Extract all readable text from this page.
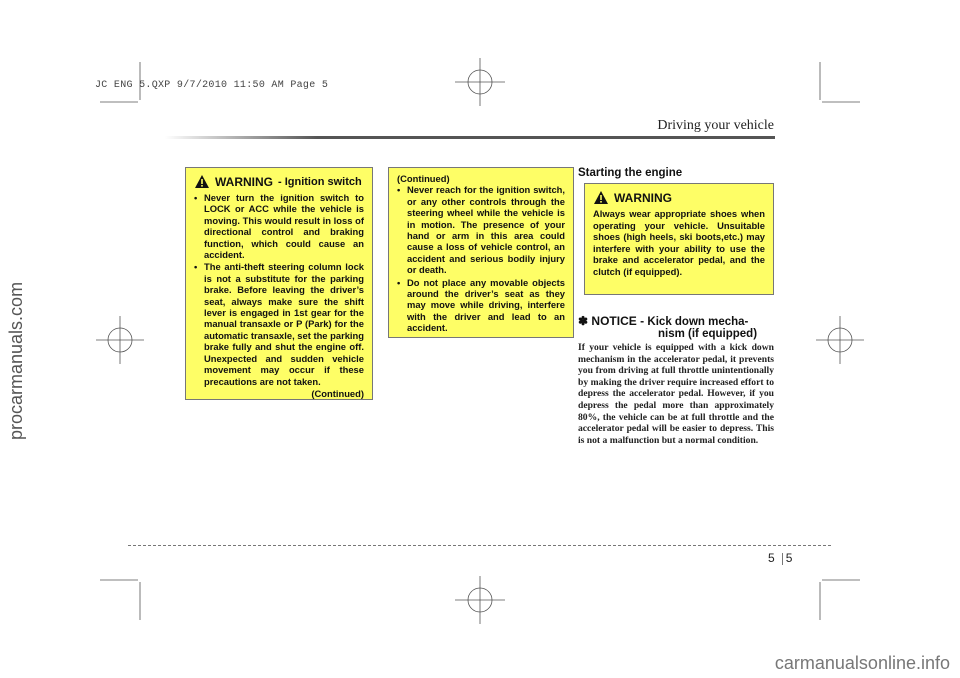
JC ENG 5.QXP 9/7/2010 11:50 AM Page 5
procarmanuals.com
carmanualsonline.info
Driving your vehicle
WARNING - Ignition switch
• Never turn the ignition switch to LOCK or ACC while the vehicle is moving. This would result in loss of directional control and braking function, which could cause an accident.
• The anti-theft steering column lock is not a substitute for the parking brake. Before leaving the driver’s seat, always make sure the shift lever is engaged in 1st gear for the manual transaxle or P (Park) for the automatic transaxle, set the parking brake fully and shut the engine off. Unexpected and sudden vehicle movement may occur if these precautions are not taken.
(Continued)
(Continued)
• Never reach for the ignition switch, or any other controls through the steering wheel while the vehicle is in motion. The presence of your hand or arm in this area could cause a loss of vehicle control, an accident and serious bodily injury or death.
• Do not place any movable objects around the driver’s seat as they may move while driving, interfere with the driver and lead to an accident.
Starting the engine
WARNING

Always wear appropriate shoes when operating your vehicle. Unsuitable shoes (high heels, ski boots,etc.) may interfere with your ability to use the brake and accelerator pedal, and the clutch (if equipped).

✽ NOTICE - Kick down mecha-
nism (if equipped)
If your vehicle is equipped with a kick down mechanism in the accelerator pedal, it prevents you from driving at full throttle unintentionally by making the driver require increased effort to depress the accelerator pedal. However, if you depress the pedal more than approximately 80%, the vehicle can be at full throttle and the accelerator pedal will be easier to depress. This is not a malfunction but a normal condition.
5 5
